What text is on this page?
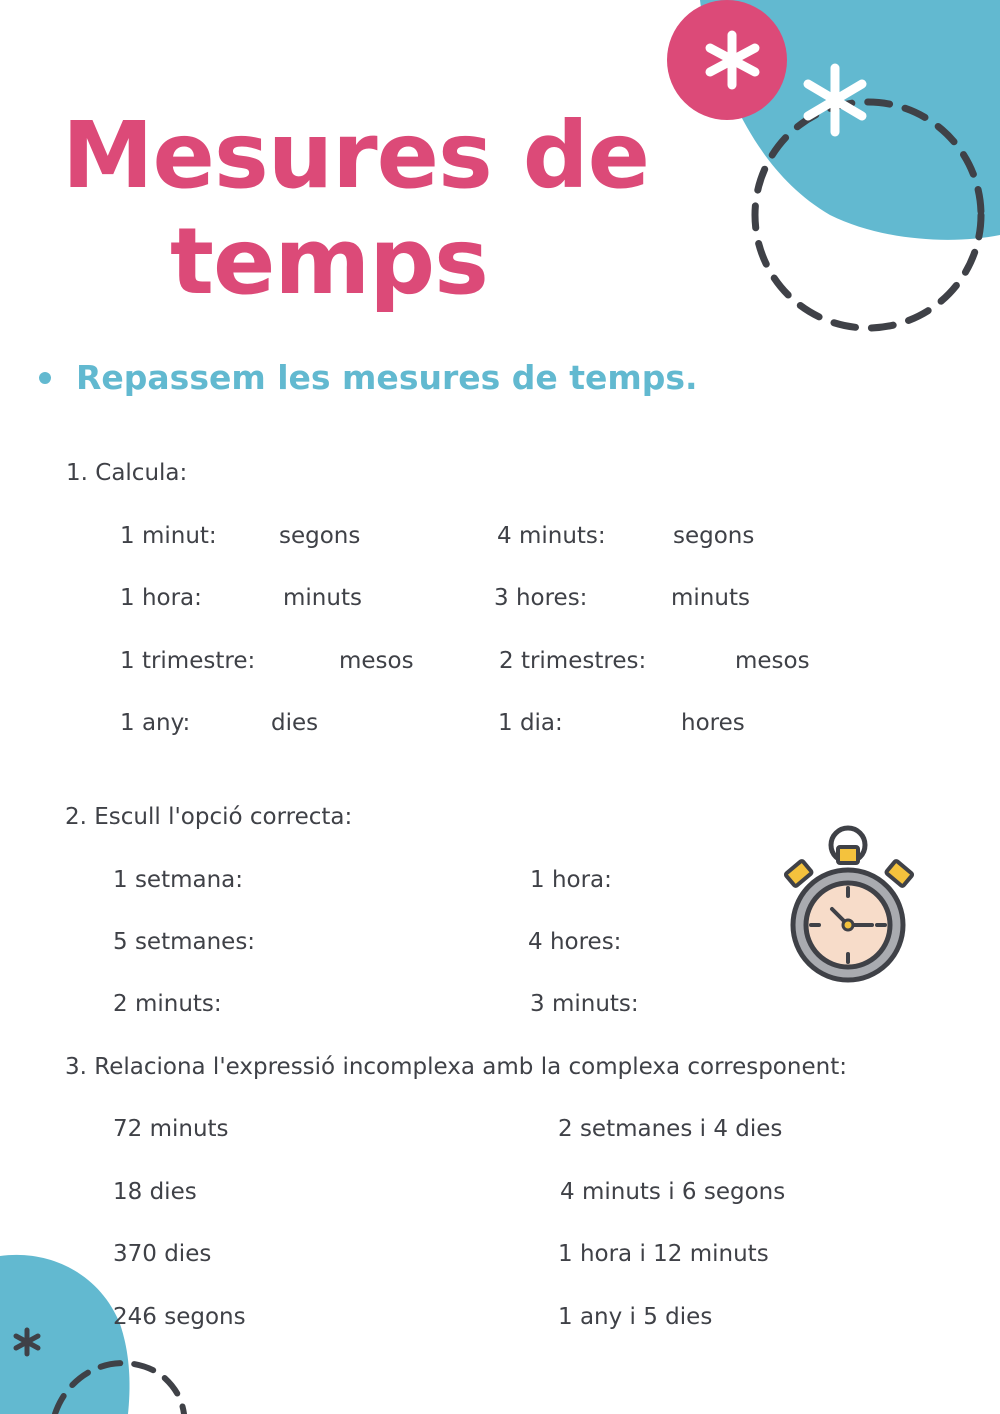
Mesures de
temps
Repassem les mesures de temps.
1. Calcula:
1 minut:	segons	4 minuts:	segons
1 hora:	minuts	3 hores:	minuts
1 trimestre:	mesos	2 trimestres:	mesos
1 any:	dies	1 dia:	hores
2. Escull l'opció correcta:
1 setmana:	1 hora:
5 setmanes:	4 hores:
2 minuts:	3 minuts:
3. Relaciona l'expressió incomplexa amb la complexa corresponent:
72 minuts	2 setmanes i 4 dies
18 dies	4 minuts i 6 segons
370 dies	1 hora i 12 minuts
246 segons	1 any i 5 dies
